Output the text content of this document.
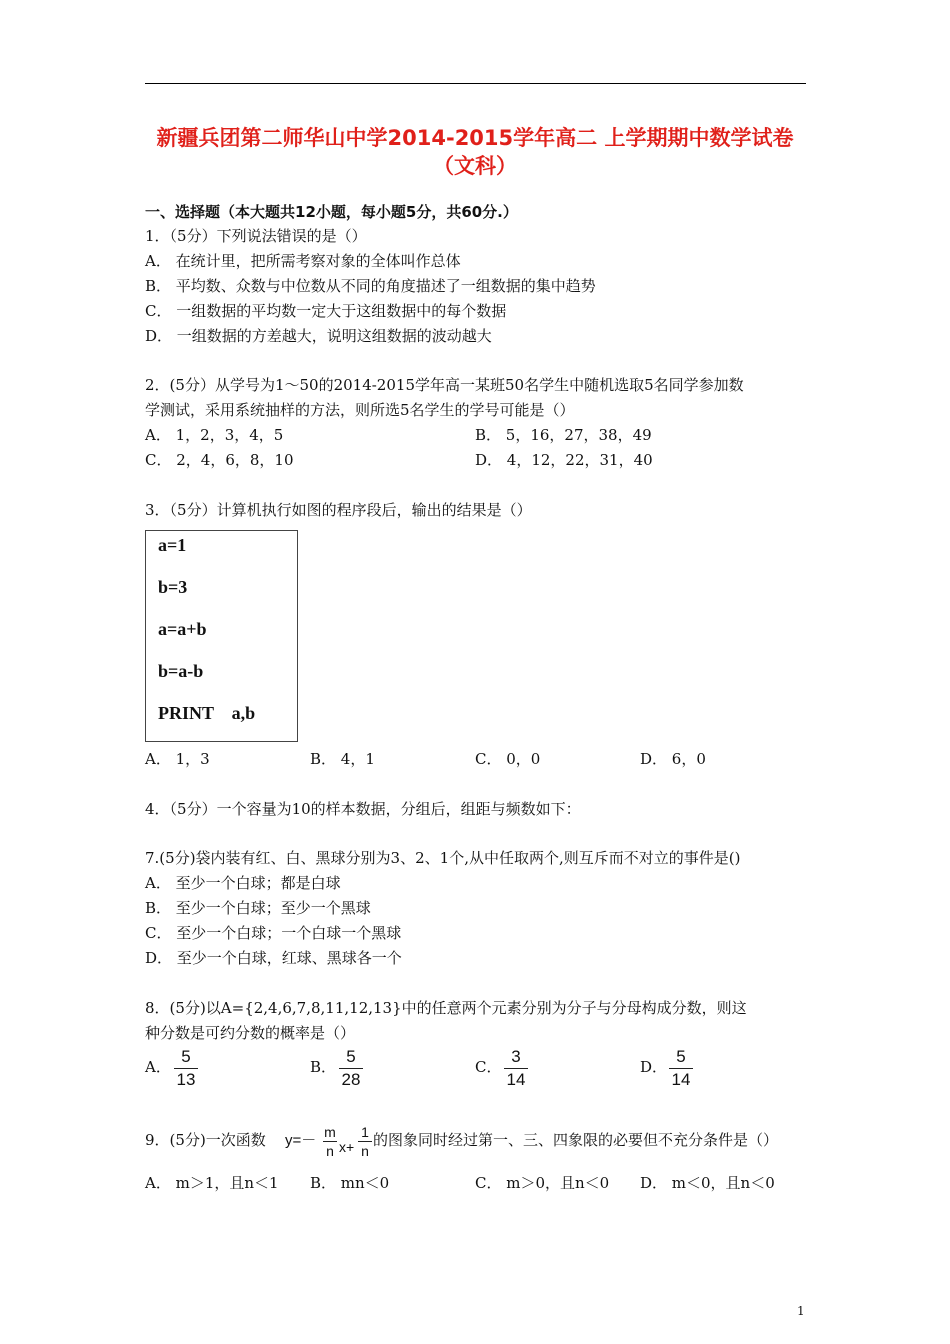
新疆兵团第二师华山中学2014-2015学年高二 上学期期中数学试卷
（文科）
一、选择题（本大题共12小题，每小题5分，共60分.）
1．（5分）下列说法错误的是（）
A． 在统计里，把所需考察对象的全体叫作总体
B． 平均数、众数与中位数从不同的角度描述了一组数据的集中趋势
C． 一组数据的平均数一定大于这组数据中的每个数据
D． 一组数据的方差越大，说明这组数据的波动越大
2．(5分）从学号为1～50的2014-2015学年高一某班50名学生中随机选取5名同学参加数
学测试，采用系统抽样的方法，则所选5名学生的学号可能是（）
A． 1，2，3，4，5	B． 5，16，27，38，49
C． 2，4，6，8，10	D． 4，12，22，31，40
3．（5分）计算机执行如图的程序段后，输出的结果是（）
a=1
b=3
a=a+b
b=a-b
PRINT    a,b
A． 1，3	B． 4，1	C． 0，0	D． 6，0
4．（5分）一个容量为10的样本数据，分组后，组距与频数如下：
7.(5分)袋内装有红、白、黑球分别为3、2、1个,从中任取两个,则互斥而不对立的事件是()
A． 至少一个白球；都是白球
B． 至少一个白球；至少一个黑球
C． 至少一个白球；一个白球一个黑球
D． 至少一个白球，红球、黑球各一个
8．(5分)以A={2,4,6,7,8,11,12,13}中的任意两个元素分别为分子与分母构成分数，则这
种分数是可约分数的概率是（）
A．
5
13
B．
5
28
C．
3
14
D．
5
14
9．(5分)一次函数 y=－ m
n x+
1
n
的图象同时经过第一、三、四象限的必要但不充分条件是（）
A． m＞1，且n＜1 B． mn＜0	C． m＞0，且n＜0 D． m＜0，且n＜0
1
